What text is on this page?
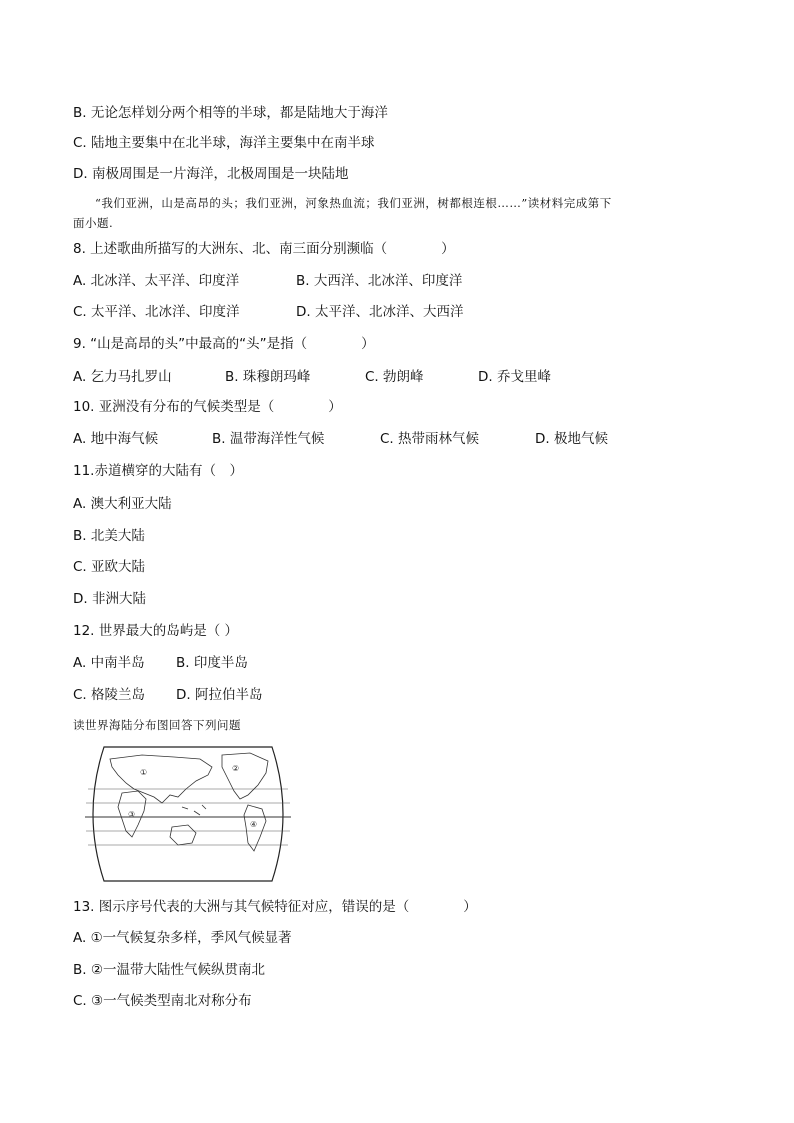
B. 无论怎样划分两个相等的半球，都是陆地大于海洋
C. 陆地主要集中在北半球，海洋主要集中在南半球
D. 南极周围是一片海洋，北极周围是一块陆地
“我们亚洲，山是高昂的头；我们亚洲，河象热血流；我们亚洲，树都根连根……”读材料完成第下
面小题.
8. 上述歌曲所描写的大洲东、北、南三面分别濒临（　　　　）
A. 北冰洋、太平洋、印度洋	B. 大西洋、北冰洋、印度洋
C. 太平洋、北冰洋、印度洋	D. 太平洋、北冰洋、大西洋
9. “山是高昂的头”中最高的“头”是指（　　　　）
A. 乞力马扎罗山	B. 珠穆朗玛峰	C. 勃朗峰	D. 乔戈里峰
10. 亚洲没有分布的气候类型是（　　　　）
A. 地中海气候	B. 温带海洋性气候	C. 热带雨林气候	D. 极地气候
11.赤道横穿的大陆有（　）
A. 澳大利亚大陆
B. 北美大陆
C. 亚欧大陆
D. 非洲大陆
12. 世界最大的岛屿是（ ）
A. 中南半岛 B. 印度半岛
C. 格陵兰岛 D. 阿拉伯半岛
读世界海陆分布图回答下列问题
①	②
③
④
13. 图示序号代表的大洲与其气候特征对应，错误的是（　　　　）
A. ①一气候复杂多样，季风气候显著
B. ②一温带大陆性气候纵贯南北
C. ③一气候类型南北对称分布
